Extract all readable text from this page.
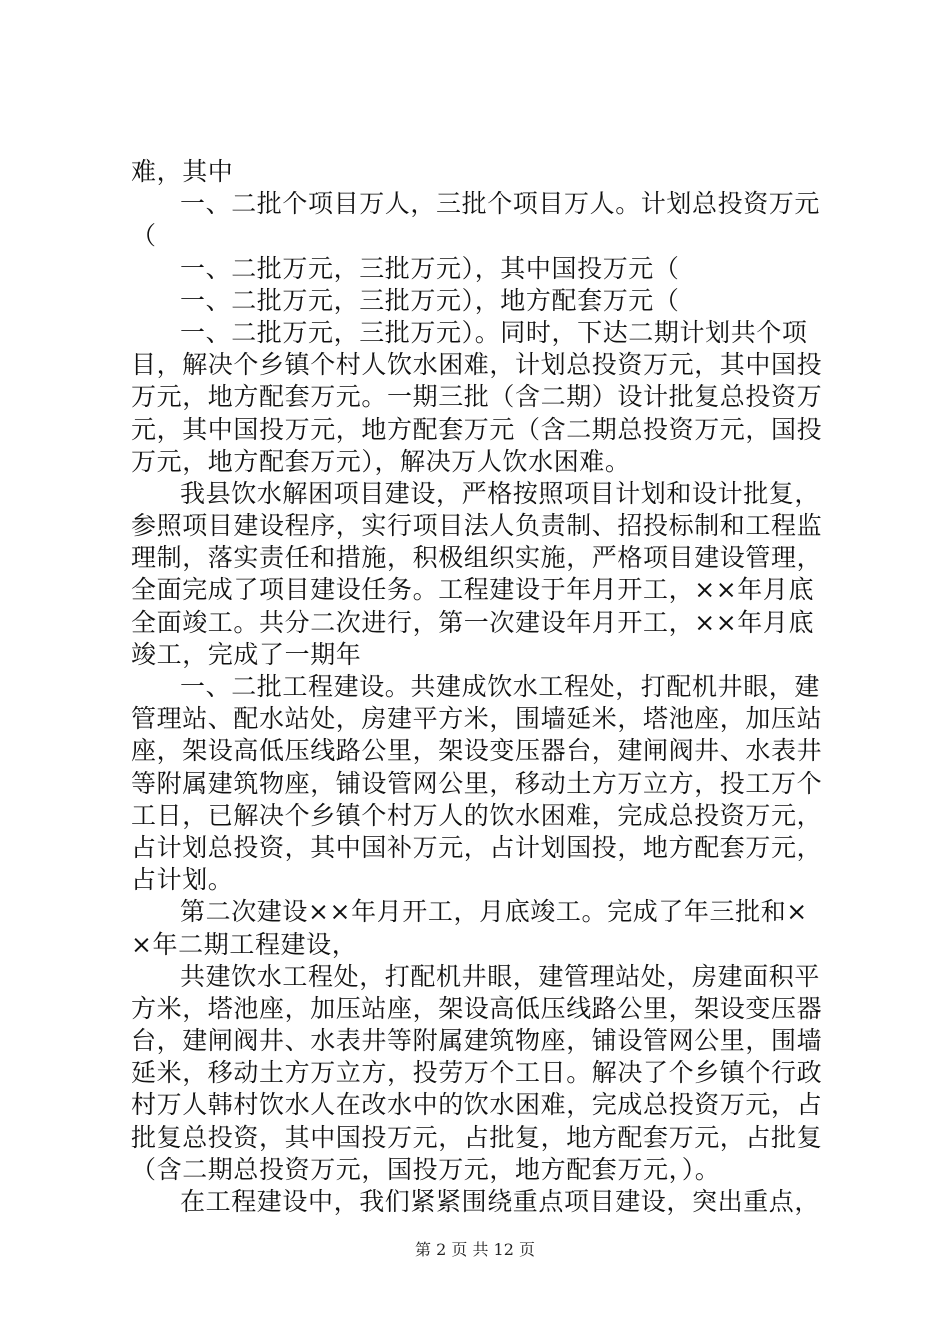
难，其中
一、二批个项目万人，三批个项目万人。计划总投资万元
（
一、二批万元，三批万元），其中国投万元（
一、二批万元，三批万元），地方配套万元（
一、二批万元，三批万元）。同时，下达二期计划共个项
目，解决个乡镇个村人饮水困难，计划总投资万元，其中国投
万元，地方配套万元。一期三批（含二期）设计批复总投资万
元，其中国投万元，地方配套万元（含二期总投资万元，国投
万元，地方配套万元），解决万人饮水困难。
我县饮水解困项目建设，严格按照项目计划和设计批复，
参照项目建设程序，实行项目法人负责制、招投标制和工程监
理制，落实责任和措施，积极组织实施，严格项目建设管理，
全面完成了项目建设任务。工程建设于年月开工，××年月底
全面竣工。共分二次进行，第一次建设年月开工，××年月底
竣工，完成了一期年
一、二批工程建设。共建成饮水工程处，打配机井眼，建
管理站、配水站处，房建平方米，围墙延米，塔池座，加压站
座，架设高低压线路公里，架设变压器台，建闸阀井、水表井
等附属建筑物座，铺设管网公里，移动土方万立方，投工万个
工日，已解决个乡镇个村万人的饮水困难，完成总投资万元，
占计划总投资，其中国补万元，占计划国投，地方配套万元，
占计划。
第二次建设××年月开工，月底竣工。完成了年三批和×
×年二期工程建设，
共建饮水工程处，打配机井眼，建管理站处，房建面积平
方米，塔池座，加压站座，架设高低压线路公里，架设变压器
台，建闸阀井、水表井等附属建筑物座，铺设管网公里，围墙
延米，移动土方万立方，投劳万个工日。解决了个乡镇个行政
村万人韩村饮水人在改水中的饮水困难，完成总投资万元，占
批复总投资，其中国投万元，占批复，地方配套万元，占批复
（含二期总投资万元，国投万元，地方配套万元，）。
在工程建设中，我们紧紧围绕重点项目建设，突出重点，
第 2 页 共 12 页
